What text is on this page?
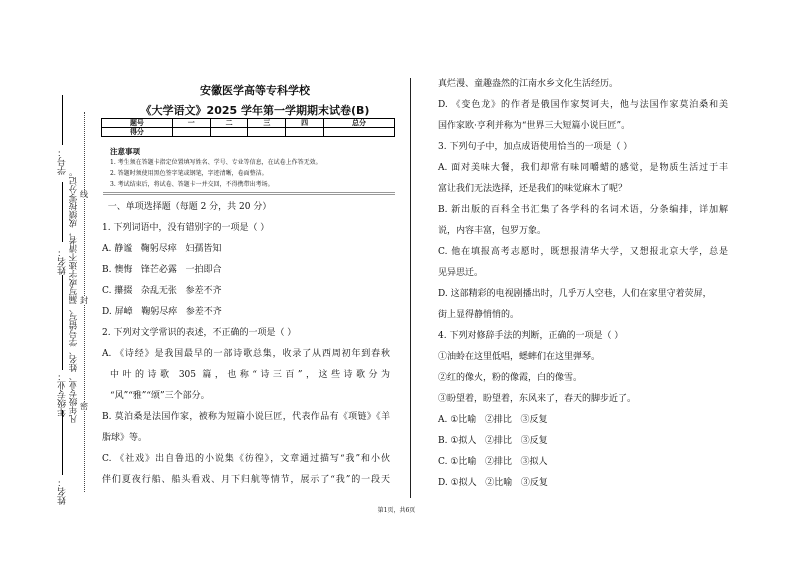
学号：
姓名：
年级专业：
姓名：
凡年级专业、姓名、学号错写、漏写或字迹不清者，成绩按零分记。 线
封
密
安徽医学高等专科学校
《大学语文》2025 学年第一学期期末试卷(B)
题号	一	二	三	四	总分
得分					
注意事项
1. 考生须在答题卡指定位置填写姓名、学号、专业等信息，在试卷上作答无效。
2. 答题时须使用黑色签字笔或钢笔，字迹清晰，卷面整洁。
3. 考试结束后，将试卷、答题卡一并交回，不得携带出考场。

一、单项选择题（每题 2 分，共 20 分）

1. 下列词语中，没有错别字的一项是（ ）

A. 静谧   鞠躬尽瘁   妇孺皆知

B. 懊悔   锋芒必露   一拍即合

C. 攥掇   杂乱无张   参差不齐

D. 屏嶂   鞠躬尽瘁   参差不齐

2. 下列对文学常识的表述，不正确的一项是（ ）

A. 《诗经》是我国最早的一部诗歌总集，收录了从西周初年到春秋

中叶的诗歌 305 篇，也称“诗三百”，这些诗歌分为

“风”“雅”“颂”三个部分。

B. 莫泊桑是法国作家，被称为短篇小说巨匠，代表作品有《项链》《羊

脂球》等。

C. 《社戏》出自鲁迅的小说集《彷徨》，文章通过描写“我”和小伙

伴们夏夜行船、船头看戏、月下归航等情节，展示了“我”的一段天

真烂漫、童趣盎然的江南水乡文化生活经历。

D. 《变色龙》的作者是俄国作家契诃夫，他与法国作家莫泊桑和美

国作家欧·亨利并称为“世界三大短篇小说巨匠”。

3. 下列句子中，加点成语使用恰当的一项是（ ）

A. 面对美味大餐，我们却常有味同嚼蜡的感觉，是物质生活过于丰

富让我们无法选择，还是我们的味觉麻木了呢？

B. 新出版的百科全书汇集了各学科的名词术语，分条编排，详加解

说，内容丰富，包罗万象。

C. 他在填报高考志愿时，既想报清华大学，又想报北京大学，总是

见异思迁。

D. 这部精彩的电视剧播出时，几乎万人空巷，人们在家里守着荧屏，

街上显得静悄悄的。

4. 下列对修辞手法的判断，正确的一项是（ ）

①油蛉在这里低唱，蟋蟀们在这里弹琴。

②红的像火，粉的像霞，白的像雪。

③盼望着，盼望着，东风来了，春天的脚步近了。

A. ①比喻   ②排比   ③反复

B. ①拟人   ②排比   ③反复

C. ①比喻   ②排比   ③拟人

D. ①拟人   ②比喻   ③反复

第1页，共6页
